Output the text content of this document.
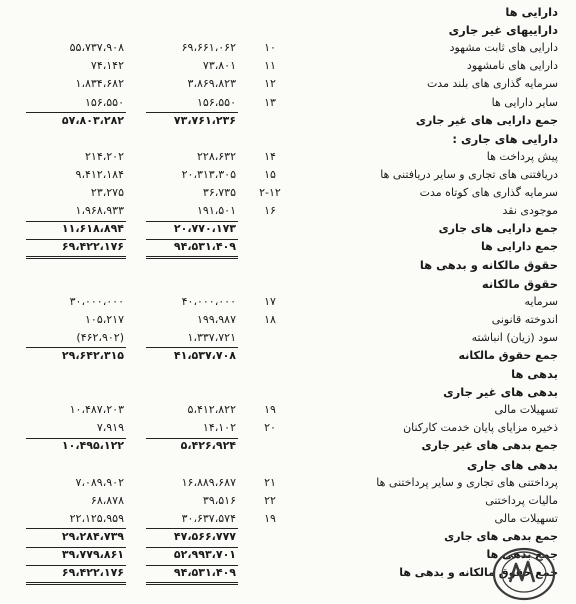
دارایی ها
داراییهای غیر جاری
دارایی های ثابت مشهود
۱۰
۶۹،۶۶۱،۰۶۲
۵۵،۷۳۷،۹۰۸
دارایی های نامشهود
۱۱
۷۳،۸۰۱
۷۴،۱۴۲
سرمایه گذاری های بلند مدت
۱۲
۳،۸۶۹،۸۲۳
۱،۸۳۴،۶۸۲
سایر دارایی ها
۱۳
۱۵۶،۵۵۰
۱۵۶،۵۵۰
جمع دارایی های غیر جاری
۷۳،۷۶۱،۲۳۶
۵۷،۸۰۳،۲۸۲
دارایی های جاری :
پیش پرداخت ها
۱۴
۲۲۸،۶۳۲
۲۱۴،۲۰۲
دریافتنی های تجاری و سایر دریافتنی ها
۱۵
۲۰،۳۱۳،۳۰۵
۹،۴۱۲،۱۸۴
سرمایه گذاری های کوتاه مدت
۲-۱۲
۳۶،۷۳۵
۲۳،۲۷۵
موجودی نقد
۱۶
۱۹۱،۵۰۱
۱،۹۶۸،۹۳۳
جمع دارایی های جاری
۲۰،۷۷۰،۱۷۳
۱۱،۶۱۸،۸۹۴
جمع دارایی ها
۹۴،۵۳۱،۴۰۹
۶۹،۴۲۲،۱۷۶
حقوق مالکانه و بدهی ها
حقوق مالکانه
سرمایه
۱۷
۴۰،۰۰۰،۰۰۰
۳۰،۰۰۰،۰۰۰
اندوخته قانونی
۱۸
۱۹۹،۹۸۷
۱۰۵،۲۱۷
سود (زیان) انباشته
۱،۳۳۷،۷۲۱
(۴۶۲،۹۰۲)
جمع حقوق مالکانه
۴۱،۵۳۷،۷۰۸
۲۹،۶۴۲،۳۱۵
بدهی ها
بدهی های غیر جاری
تسهیلات مالی
۱۹
۵،۴۱۲،۸۲۲
۱۰،۴۸۷،۲۰۳
ذخیره مزایای پایان خدمت کارکنان
۲۰
۱۴،۱۰۲
۷،۹۱۹
جمع بدهی های غیر جاری
۵،۴۲۶،۹۲۴
۱۰،۴۹۵،۱۲۲
بدهی های جاری
پرداختنی های تجاری و سایر پرداختنی ها
۲۱
۱۶،۸۸۹،۶۸۷
۷،۰۸۹،۹۰۲
مالیات پرداختنی
۲۲
۳۹،۵۱۶
۶۸،۸۷۸
تسهیلات مالی
۱۹
۳۰،۶۳۷،۵۷۴
۲۲،۱۲۵،۹۵۹
جمع بدهی های جاری
۴۷،۵۶۶،۷۷۷
۲۹،۲۸۴،۷۳۹
جمع بدهی ها
۵۲،۹۹۳،۷۰۱
۳۹،۷۷۹،۸۶۱
جمع حقوق مالکانه و بدهی ها
۹۴،۵۳۱،۴۰۹
۶۹،۴۲۲،۱۷۶
